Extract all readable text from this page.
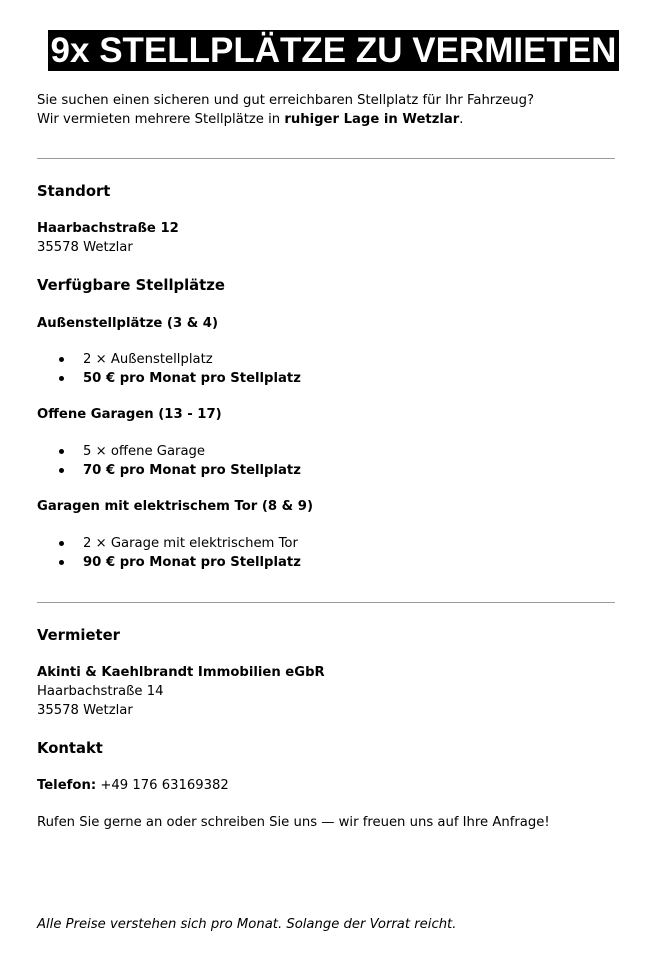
9x STELLPLÄTZE ZU VERMIETEN
Sie suchen einen sicheren und gut erreichbaren Stellplatz für Ihr Fahrzeug?
Wir vermieten mehrere Stellplätze in ruhiger Lage in Wetzlar.
Standort
Haarbachstraße 12
35578 Wetzlar
Verfügbare Stellplätze
Außenstellplätze (3 & 4)
2 × Außenstellplatz
50 € pro Monat pro Stellplatz
Offene Garagen (13 - 17)
5 × offene Garage
70 € pro Monat pro Stellplatz
Garagen mit elektrischem Tor (8 & 9)
2 × Garage mit elektrischem Tor
90 € pro Monat pro Stellplatz
Vermieter
Akinti & Kaehlbrandt Immobilien eGbR
Haarbachstraße 14
35578 Wetzlar
Kontakt
Telefon: +49 176 63169382
Rufen Sie gerne an oder schreiben Sie uns — wir freuen uns auf Ihre Anfrage!
Alle Preise verstehen sich pro Monat. Solange der Vorrat reicht.
